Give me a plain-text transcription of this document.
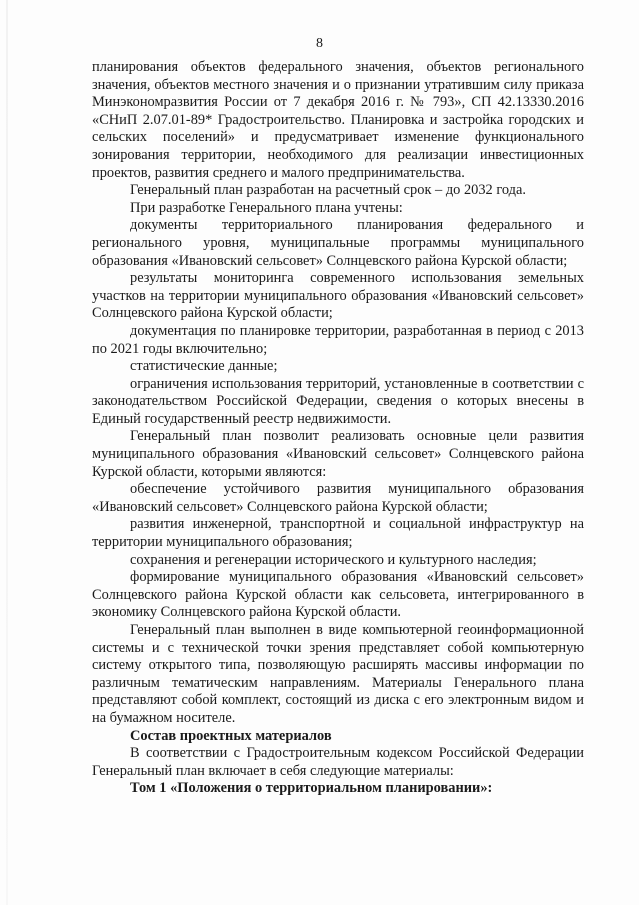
8

планирования объектов федерального значения, объектов регионального значения, объектов местного значения и о признании утратившим силу приказа Минэкономразвития России от 7 декабря 2016 г. № 793», СП 42.13330.2016 «СНиП 2.07.01-89* Градостроительство. Планировка и застройка городских и сельских поселений» и предусматривает изменение функционального зонирования территории, необходимого для реализации инвестиционных проектов, развития среднего и малого предпринимательства.

Генеральный план разработан на расчетный срок – до 2032 года.

При разработке Генерального плана учтены:

документы территориального планирования федерального и регионального уровня, муниципальные программы муниципального образования «Ивановский сельсовет» Солнцевского района Курской области;

результаты мониторинга современного использования земельных участков на территории муниципального образования «Ивановский сельсовет» Солнцевского района Курской области;

документация по планировке территории, разработанная в период с 2013 по 2021 годы включительно;

статистические данные;

ограничения использования территорий, установленные в соответствии с законодательством Российской Федерации, сведения о которых внесены в Единый государственный реестр недвижимости.

Генеральный план позволит реализовать основные цели развития муниципального образования «Ивановский сельсовет» Солнцевского района Курской области, которыми являются:

обеспечение устойчивого развития муниципального образования «Ивановский сельсовет» Солнцевского района Курской области;

развития инженерной, транспортной и социальной инфраструктур на территории муниципального образования;

сохранения и регенерации исторического и культурного наследия;

формирование муниципального образования «Ивановский сельсовет» Солнцевского района Курской области как сельсовета, интегрированного в экономику Солнцевского района Курской области.

Генеральный план выполнен в виде компьютерной геоинформационной системы и с технической точки зрения представляет собой компьютерную систему открытого типа, позволяющую расширять массивы информации по различным тематическим направлениям. Материалы Генерального плана представляют собой комплект, состоящий из диска с его электронным видом и на бумажном носителе.

Состав проектных материалов

В соответствии с Градостроительным кодексом Российской Федерации Генеральный план включает в себя следующие материалы:

Том 1 «Положения о территориальном планировании»:
